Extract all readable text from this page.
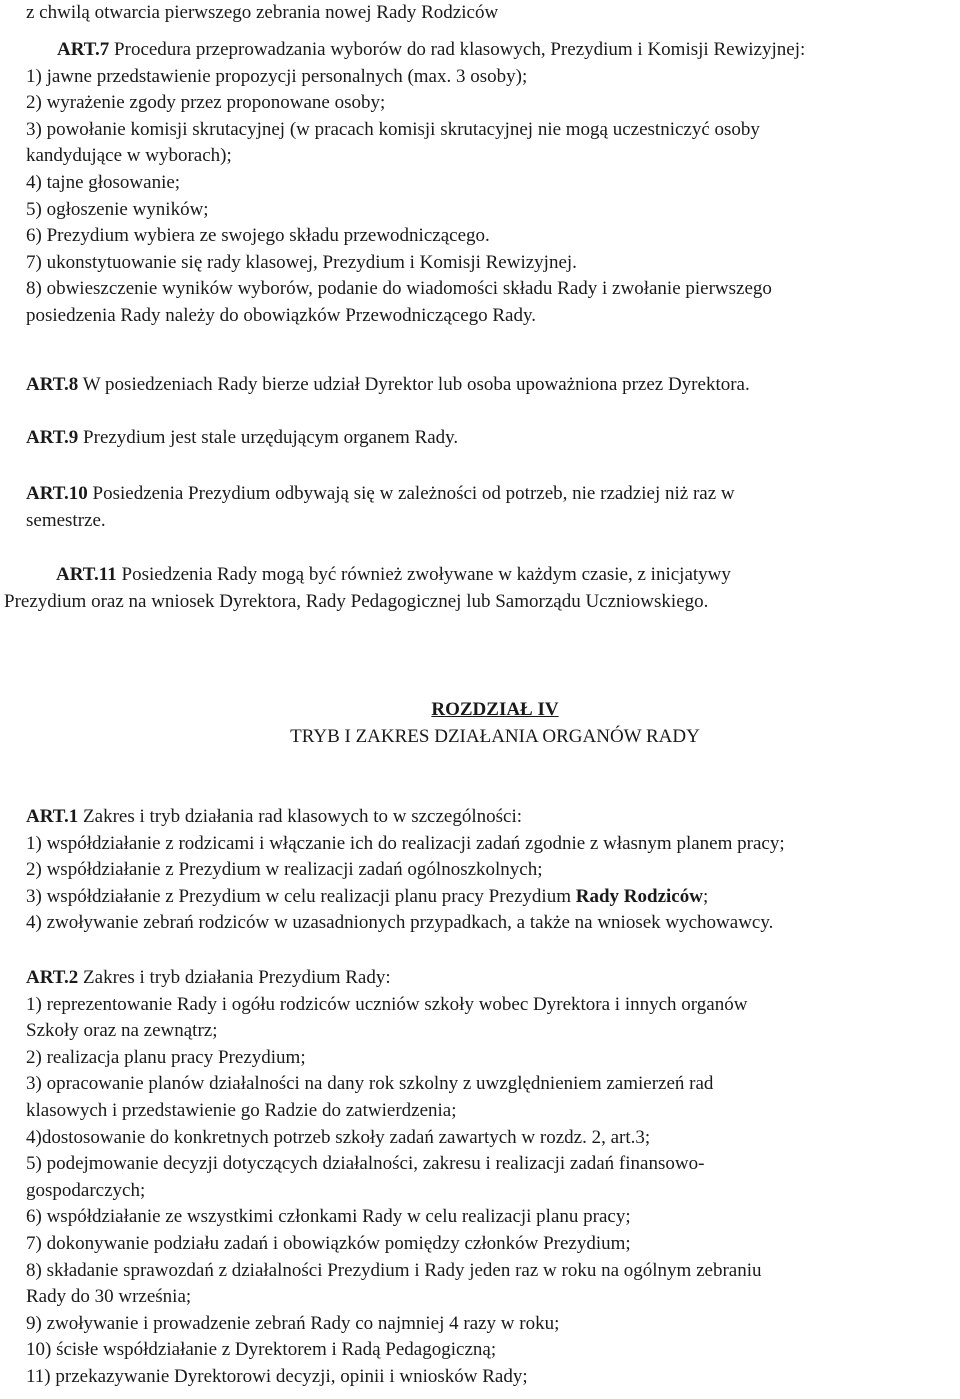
z chwilą otwarcia pierwszego zebrania nowej Rady Rodziców
ART.7 Procedura przeprowadzania wyborów do rad klasowych, Prezydium i Komisji Rewizyjnej:
1) jawne przedstawienie propozycji personalnych (max. 3 osoby);
2) wyrażenie zgody przez proponowane osoby;
3) powołanie komisji skrutacyjnej (w pracach komisji skrutacyjnej nie mogą uczestniczyć osoby
kandydujące w wyborach);
4) tajne głosowanie;
5) ogłoszenie wyników;
6) Prezydium wybiera ze swojego składu przewodniczącego.
7) ukonstytuowanie się rady klasowej, Prezydium i Komisji Rewizyjnej.
8) obwieszczenie wyników wyborów, podanie do wiadomości składu Rady i zwołanie pierwszego
posiedzenia Rady należy do obowiązków Przewodniczącego Rady.
ART.8 W posiedzeniach Rady bierze udział Dyrektor lub osoba upoważniona przez Dyrektora.
ART.9 Prezydium jest stale urzędującym organem Rady.
ART.10 Posiedzenia Prezydium odbywają się w zależności od potrzeb, nie rzadziej niż raz w
semestrze.
ART.11 Posiedzenia Rady mogą być również zwoływane w każdym czasie, z inicjatywy
Prezydium oraz na wniosek Dyrektora, Rady Pedagogicznej lub Samorządu Uczniowskiego.
ROZDZIAŁ IV
TRYB I ZAKRES DZIAŁANIA ORGANÓW RADY
ART.1 Zakres i tryb działania rad klasowych to w szczególności:
1) współdziałanie z rodzicami i włączanie ich do realizacji zadań zgodnie z własnym planem pracy;
2) współdziałanie z Prezydium w realizacji zadań ogólnoszkolnych;
3) współdziałanie z Prezydium w celu realizacji planu pracy Prezydium Rady Rodziców;
4) zwoływanie zebrań rodziców w uzasadnionych przypadkach, a także na wniosek wychowawcy.
ART.2 Zakres i tryb działania Prezydium Rady:
1) reprezentowanie Rady i ogółu rodziców uczniów szkoły wobec Dyrektora i innych organów
Szkoły oraz na zewnątrz;
2) realizacja planu pracy Prezydium;
3) opracowanie planów działalności na dany rok szkolny z uwzględnieniem zamierzeń rad
klasowych i przedstawienie go Radzie do zatwierdzenia;
4)dostosowanie do konkretnych potrzeb szkoły zadań zawartych w rozdz. 2, art.3;
5) podejmowanie decyzji dotyczących działalności, zakresu i realizacji zadań finansowo-
gospodarczych;
6) współdziałanie ze wszystkimi członkami Rady w celu realizacji planu pracy;
7) dokonywanie podziału zadań i obowiązków pomiędzy członków Prezydium;
8) składanie sprawozdań z działalności Prezydium i Rady jeden raz w roku na ogólnym zebraniu
Rady do 30 września;
9) zwoływanie i prowadzenie zebrań Rady co najmniej 4 razy w roku;
10) ścisłe współdziałanie z Dyrektorem i Radą Pedagogiczną;
11) przekazywanie Dyrektorowi decyzji, opinii i wniosków Rady;
